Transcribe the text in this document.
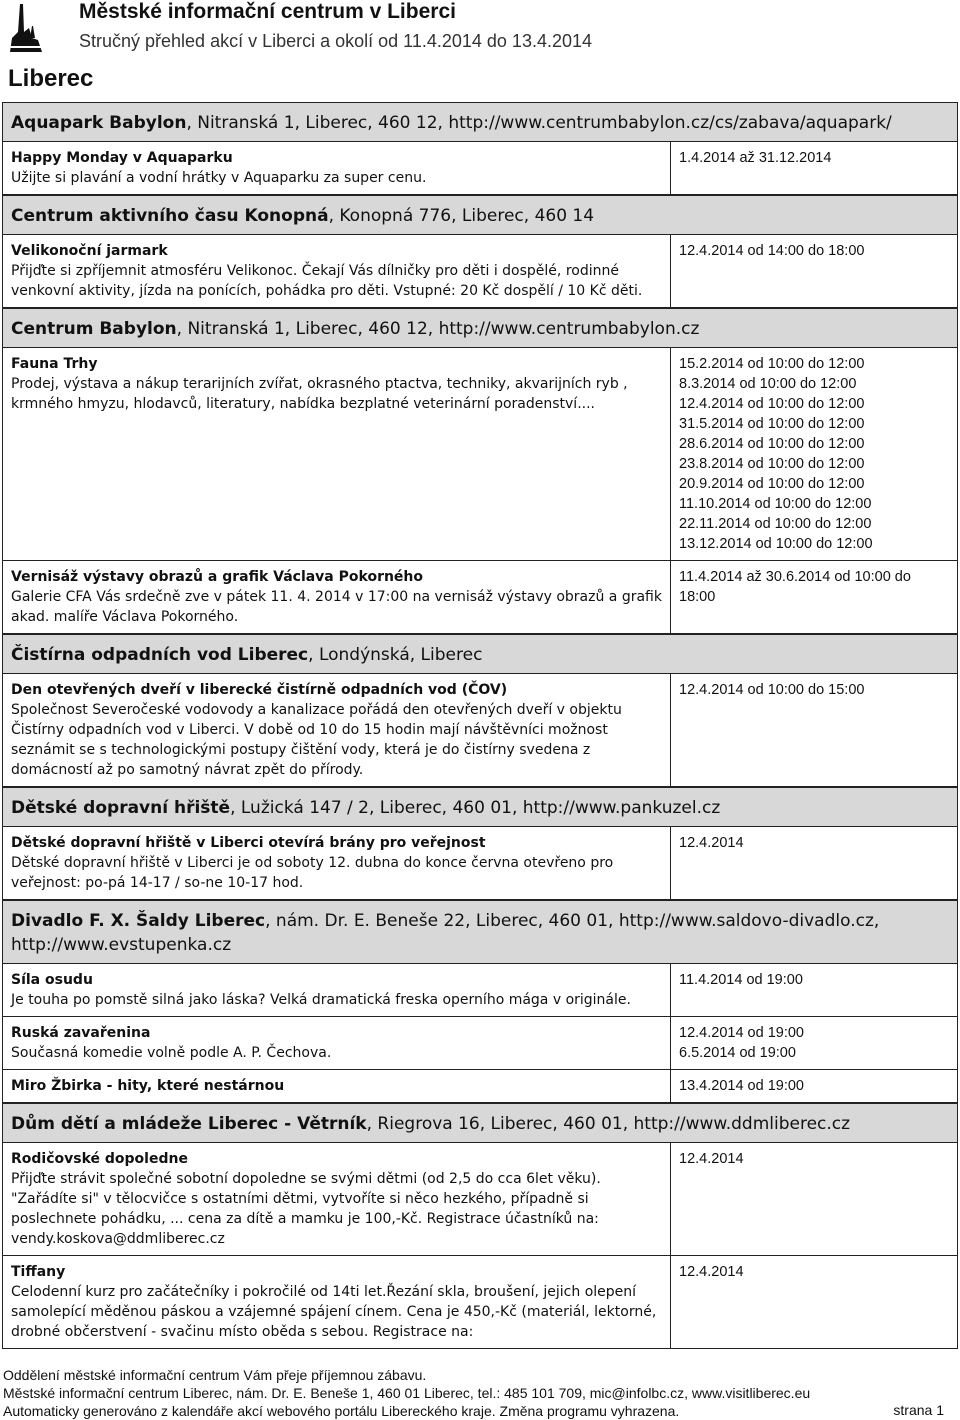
Městské informační centrum v Liberci
Stručný přehled akcí v Liberci a okolí od 11.4.2014 do 13.4.2014
Liberec
Aquapark Babylon, Nitranská 1, Liberec, 460 12, http://www.centrumbabylon.cz/cs/zabava/aquapark/
Happy Monday v Aquaparku
Užijte si plavání a vodní hrátky v Aquaparku za super cenu.
1.4.2014 až 31.12.2014
Centrum aktivního času Konopná, Konopná 776, Liberec, 460 14
Velikonoční jarmark
Přijďte si zpříjemnit atmosféru Velikonoc. Čekají Vás dílničky pro děti i dospělé, rodinné venkovní aktivity, jízda na ponících, pohádka pro děti. Vstupné: 20 Kč dospělí / 10 Kč děti.
12.4.2014 od 14:00 do 18:00
Centrum Babylon, Nitranská 1, Liberec, 460 12, http://www.centrumbabylon.cz
Fauna Trhy
Prodej, výstava a nákup terarijních zvířat, okrasného ptactva, techniky, akvarijních ryb , krmného hmyzu, hlodavců, literatury, nabídka bezplatné veterinární poradenství....
15.2.2014 od 10:00 do 12:00
8.3.2014 od 10:00 do 12:00
12.4.2014 od 10:00 do 12:00
31.5.2014 od 10:00 do 12:00
28.6.2014 od 10:00 do 12:00
23.8.2014 od 10:00 do 12:00
20.9.2014 od 10:00 do 12:00
11.10.2014 od 10:00 do 12:00
22.11.2014 od 10:00 do 12:00
13.12.2014 od 10:00 do 12:00
Vernisáž výstavy obrazů a grafik Václava Pokorného
Galerie CFA Vás srdečně zve v pátek 11. 4. 2014 v 17:00 na vernisáž výstavy obrazů a grafik akad. malíře Václava Pokorného.
11.4.2014 až 30.6.2014 od 10:00 do 18:00
Čistírna odpadních vod Liberec, Londýnská, Liberec
Den otevřených dveří v liberecké čistírně odpadních vod (ČOV)
Společnost Severočeské vodovody a kanalizace pořádá den otevřených dveří v objektu Čistírny odpadních vod v Liberci. V době od 10 do 15 hodin mají návštěvníci možnost seznámit se s technologickými postupy čištění vody, která je do čistírny svedena z domácností až po samotný návrat zpět do přírody.
12.4.2014 od 10:00 do 15:00
Dětské dopravní hřiště, Lužická 147 / 2, Liberec, 460 01, http://www.pankuzel.cz
Dětské dopravní hřiště v Liberci otevírá brány pro veřejnost
Dětské dopravní hřiště v Liberci je od soboty 12. dubna do konce června otevřeno pro veřejnost: po-pá 14-17 / so-ne 10-17 hod.
12.4.2014
Divadlo F. X. Šaldy Liberec, nám. Dr. E. Beneše 22, Liberec, 460 01, http://www.saldovo-divadlo.cz, http://www.evstupenka.cz
Síla osudu
Je touha po pomstě silná jako láska? Velká dramatická freska operního mága v originále.
11.4.2014 od 19:00
Ruská zavařenina
Současná komedie volně podle A. P. Čechova.
12.4.2014 od 19:00
6.5.2014 od 19:00
Miro Žbirka - hity, které nestárnou	13.4.2014 od 19:00
Dům dětí a mládeže Liberec - Větrník, Riegrova 16, Liberec, 460 01, http://www.ddmliberec.cz
Rodičovské dopoledne
Přijďte strávit společné sobotní dopoledne se svými dětmi (od 2,5 do cca 6let věku). "Zařádíte si" v tělocvičce s ostatními dětmi, vytvoříte si něco hezkého, případně si poslechnete pohádku, ... cena za dítě a mamku je 100,-Kč. Registrace účastníků na: vendy.koskova@ddmliberec.cz
12.4.2014
Tiffany
Celodenní kurz pro začátečníky i pokročilé od 14ti let.Řezání skla, broušení, jejich olepení samolepící měděnou páskou a vzájemné spájení cínem. Cena je 450,-Kč (materiál, lektorné, drobné občerstvení - svačinu místo oběda s sebou. Registrace na:
12.4.2014
Oddělení městské informační centrum Vám přeje příjemnou zábavu.
Městské informační centrum Liberec, nám. Dr. E. Beneše 1, 460 01 Liberec, tel.: 485 101 709, mic@infolbc.cz, www.visitliberec.eu
Automaticky generováno z kalendáře akcí webového portálu Libereckého kraje. Změna programu vyhrazena.	strana 1
